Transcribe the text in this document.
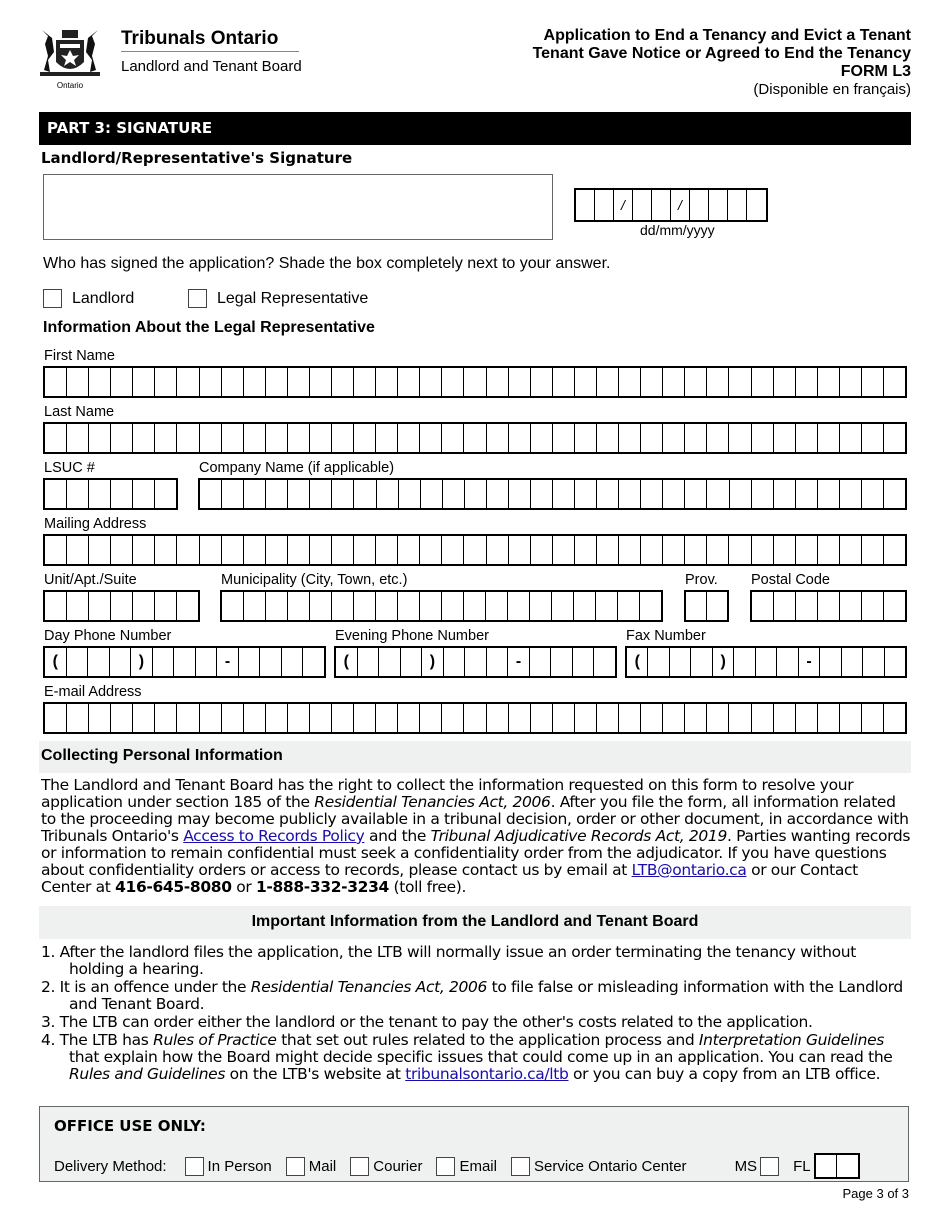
Ontario
Tribunals Ontario
Landlord and Tenant Board
Application to End a Tenancy and Evict a Tenant
Tenant Gave Notice or Agreed to End the Tenancy
FORM L3
(Disponible en français)
PART 3: SIGNATURE
Landlord/Representative's Signature
/	/
dd/mm/yyyy
Who has signed the application? Shade the box completely next to your answer.
Landlord	Legal Representative
Information About the Legal Representative
First Name
Last Name
LSUC #	Company Name (if applicable)
Mailing Address
Unit/Apt./Suite	Municipality (City, Town, etc.)	Prov. Postal Code
Day Phone Number
(	)	-
Evening Phone Number
(	)	-
Fax Number
(	)	-
E-mail Address
Collecting Personal Information
The Landlord and Tenant Board has the right to collect the information requested on this form to resolve your application under section 185 of the Residential Tenancies Act, 2006. After you file the form, all information related to the proceeding may become publicly available in a tribunal decision, order or other document, in accordance with Tribunals Ontario's Access to Records Policy and the Tribunal Adjudicative Records Act, 2019. Parties wanting records or information to remain confidential must seek a confidentiality order from the adjudicator. If you have questions about confidentiality orders or access to records, please contact us by email at LTB@ontario.ca or our Contact Center at 416-645-8080 or 1-888-332-3234 (toll free).
Important Information from the Landlord and Tenant Board
1. After the landlord files the application, the LTB will normally issue an order terminating the tenancy without holding a hearing.
2. It is an offence under the Residential Tenancies Act, 2006 to file false or misleading information with the Landlord and Tenant Board.
3. The LTB can order either the landlord or the tenant to pay the other's costs related to the application.
4. The LTB has Rules of Practice that set out rules related to the application process and Interpretation Guidelines that explain how the Board might decide specific issues that could come up in an application. You can read the Rules and Guidelines on the LTB's website at tribunalsontario.ca/ltb or you can buy a copy from an LTB office.
OFFICE USE ONLY:
Delivery Method:	In Person Mail Courier Email Service Ontario Center	MS FL
Page 3 of 3
